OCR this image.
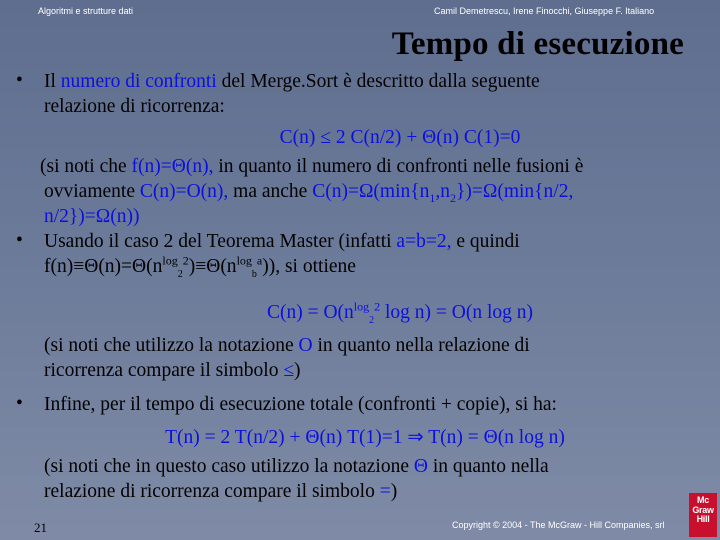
Algoritmi e strutture dati	Camil Demetrescu, Irene Finocchi, Giuseppe F. Italiano
Tempo di esecuzione
• Il numero di confronti del Merge.Sort è descritto dalla seguente
relazione di ricorrenza:
C(n) ≤ 2 C(n/2) + Θ(n) C(1)=0
(si noti che f(n)=Θ(n), in quanto il numero di confronti nelle fusioni è
ovviamente C(n)=O(n), ma anche $C(n)=\Omega(\min\{n_1,n_2\})=\Omega(\min\{n/2$,
n/2})=Ω(n))
• Usando il caso 2 del Teorema Master (infatti a=b=2, e quindi
$f(n)\equiv\Theta(n)=\Theta(n^{log}_2^2)\equiv\Theta(n^{log}_b^a)$), si ottiene
$C(n) = O(n^{log}_2^2$ log n) = O(n log n)
(si noti che utilizzo la notazione O in quanto nella relazione di
ricorrenza compare il simbolo ≤)
• Infine, per il tempo di esecuzione totale (confronti + copie), si ha:
T(n) = 2 T(n/2) + Θ(n) T(1)=1 ⇒ T(n) = Θ(n log n)
(si noti che in questo caso utilizzo la notazione Θ in quanto nella
relazione di ricorrenza compare il simbolo =)
21	Copyright © 2004 - The McGraw - Hill Companies, srl
Mc
Graw
Hill
